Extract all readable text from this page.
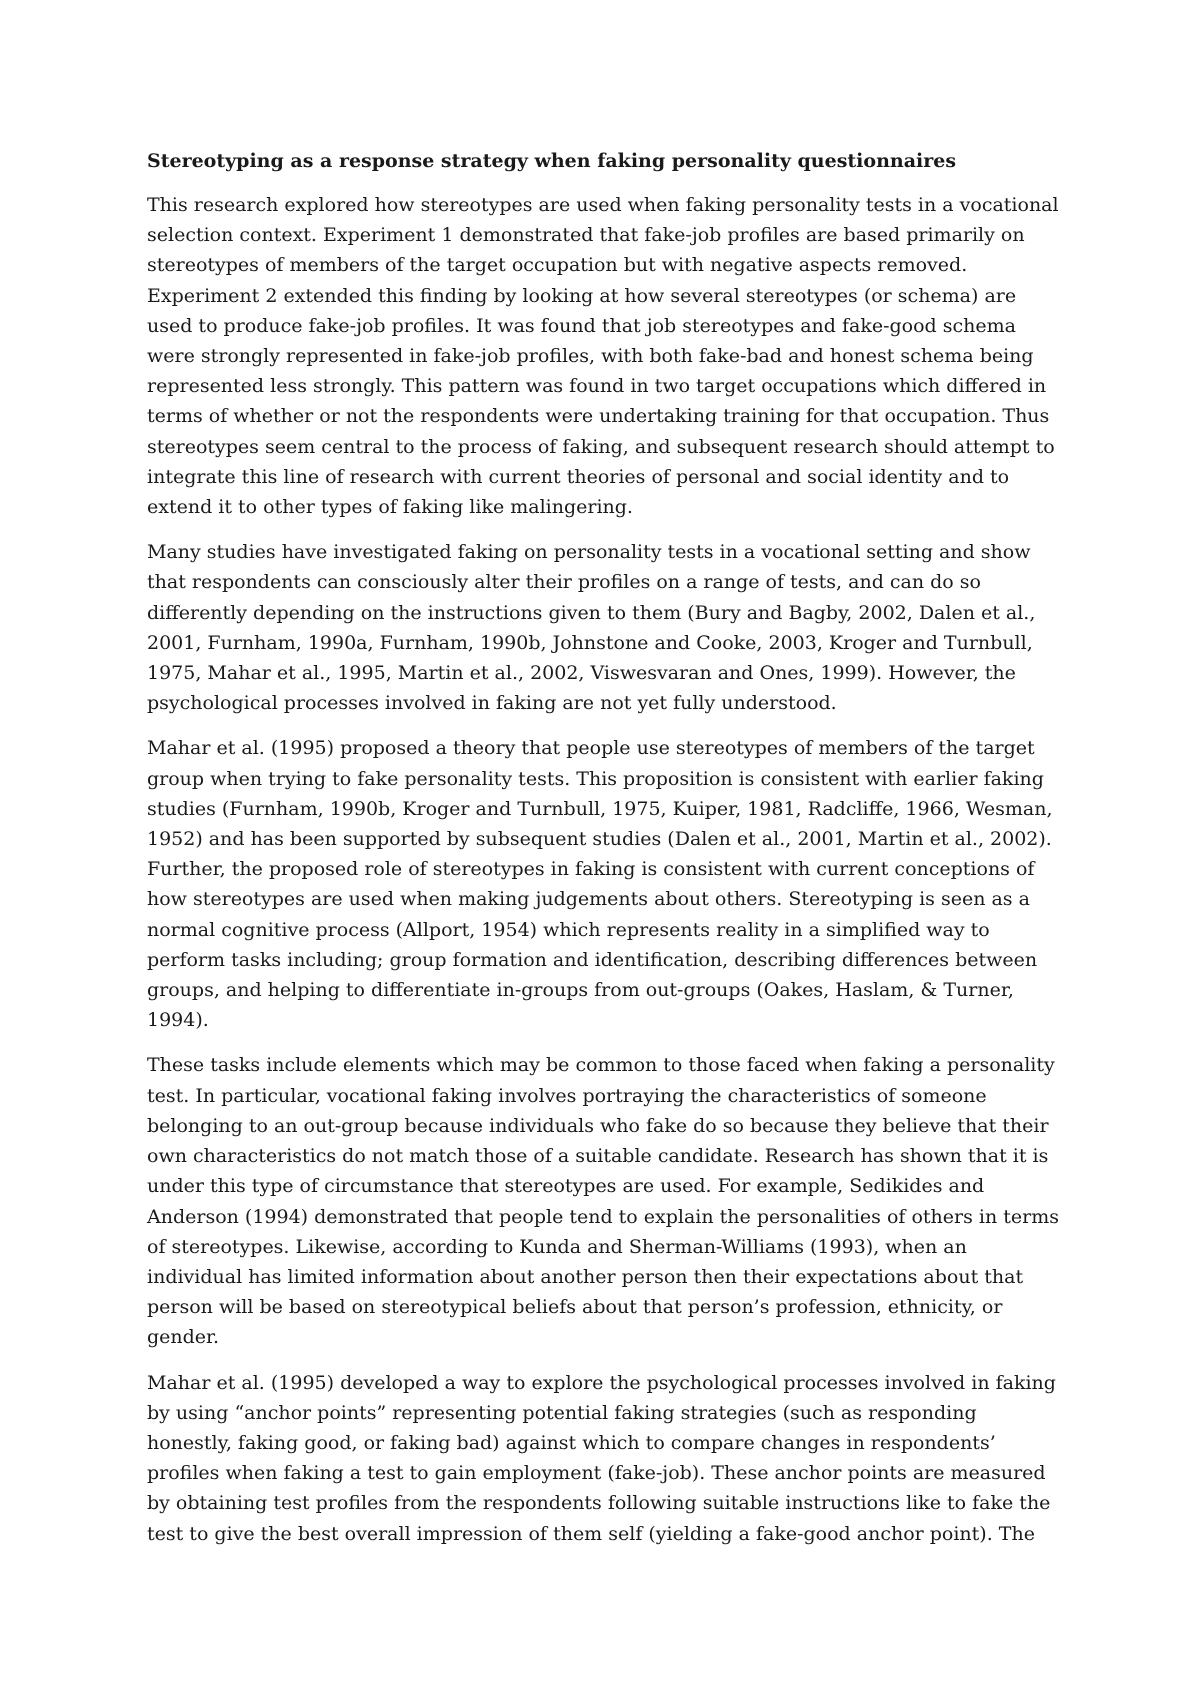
Stereotyping as a response strategy when faking personality questionnaires

This research explored how stereotypes are used when faking personality tests in a vocational selection context. Experiment 1 demonstrated that fake-job profiles are based primarily on stereotypes of members of the target occupation but with negative aspects removed. Experiment 2 extended this finding by looking at how several stereotypes (or schema) are used to produce fake-job profiles. It was found that job stereotypes and fake-good schema were strongly represented in fake-job profiles, with both fake-bad and honest schema being represented less strongly. This pattern was found in two target occupations which differed in terms of whether or not the respondents were undertaking training for that occupation. Thus stereotypes seem central to the process of faking, and subsequent research should attempt to integrate this line of research with current theories of personal and social identity and to extend it to other types of faking like malingering.

Many studies have investigated faking on personality tests in a vocational setting and show that respondents can consciously alter their profiles on a range of tests, and can do so differently depending on the instructions given to them (Bury and Bagby, 2002, Dalen et al., 2001, Furnham, 1990a, Furnham, 1990b, Johnstone and Cooke, 2003, Kroger and Turnbull, 1975, Mahar et al., 1995, Martin et al., 2002, Viswesvaran and Ones, 1999). However, the psychological processes involved in faking are not yet fully understood.

Mahar et al. (1995) proposed a theory that people use stereotypes of members of the target group when trying to fake personality tests. This proposition is consistent with earlier faking studies (Furnham, 1990b, Kroger and Turnbull, 1975, Kuiper, 1981, Radcliffe, 1966, Wesman, 1952) and has been supported by subsequent studies (Dalen et al., 2001, Martin et al., 2002). Further, the proposed role of stereotypes in faking is consistent with current conceptions of how stereotypes are used when making judgements about others. Stereotyping is seen as a normal cognitive process (Allport, 1954) which represents reality in a simplified way to perform tasks including; group formation and identification, describing differences between groups, and helping to differentiate in-groups from out-groups (Oakes, Haslam, & Turner, 1994).

These tasks include elements which may be common to those faced when faking a personality test. In particular, vocational faking involves portraying the characteristics of someone belonging to an out-group because individuals who fake do so because they believe that their own characteristics do not match those of a suitable candidate. Research has shown that it is under this type of circumstance that stereotypes are used. For example, Sedikides and Anderson (1994) demonstrated that people tend to explain the personalities of others in terms of stereotypes. Likewise, according to Kunda and Sherman-Williams (1993), when an individual has limited information about another person then their expectations about that person will be based on stereotypical beliefs about that person’s profession, ethnicity, or gender.

Mahar et al. (1995) developed a way to explore the psychological processes involved in faking by using “anchor points” representing potential faking strategies (such as responding honestly, faking good, or faking bad) against which to compare changes in respondents’ profiles when faking a test to gain employment (fake-job). These anchor points are measured by obtaining test profiles from the respondents following suitable instructions like to fake the test to give the best overall impression of them self (yielding a fake-good anchor point). The
